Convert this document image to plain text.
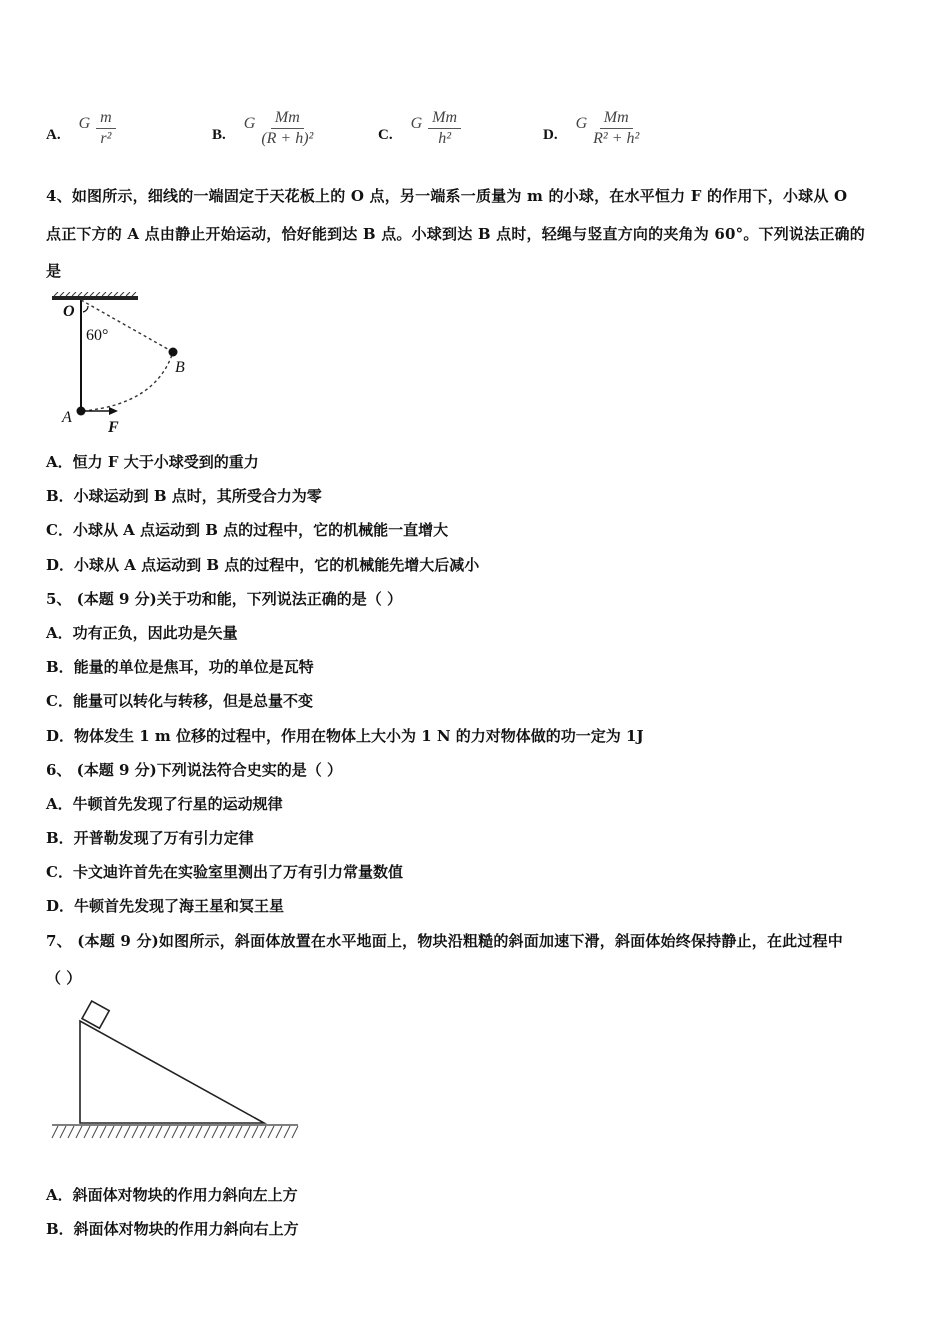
A.
G $\frac{m}{\text{r²}}$	B.
G $\frac{Mm}{\text{(R + h)²}}$	C.
G $\frac{Mm}{\text{h²}}$	D.
G $\frac{Mm}{\text{R² + h²}}$
4、如图所示，细线的一端固定于天花板上的 O 点，另一端系一质量为 m 的小球，在水平恒力 F 的作用下，小球从 O
点正下方的 A 点由静止开始运动，恰好能到达 B 点。小球到达 B 点时，轻绳与竖直方向的夹角为 60°。下列说法正确的
是
O
60°
B
A
F
A．恒力 F 大于小球受到的重力
B．小球运动到 B 点时，其所受合力为零
C．小球从 A 点运动到 B 点的过程中，它的机械能一直增大
D．小球从 A 点运动到 B 点的过程中，它的机械能先增大后减小
5、 (本题 9 分)关于功和能，下列说法正确的是（ ）
A．功有正负，因此功是矢量
B．能量的单位是焦耳，功的单位是瓦特
C．能量可以转化与转移，但是总量不变
D．物体发生 1 m 位移的过程中，作用在物体上大小为 1 N 的力对物体做的功一定为 1J
6、 (本题 9 分)下列说法符合史实的是（ ）
A．牛顿首先发现了行星的运动规律
B．开普勒发现了万有引力定律
C．卡文迪许首先在实验室里测出了万有引力常量数值
D．牛顿首先发现了海王星和冥王星
7、 (本题 9 分)如图所示，斜面体放置在水平地面上，物块沿粗糙的斜面加速下滑，斜面体始终保持静止，在此过程中
（ ）
A．斜面体对物块的作用力斜向左上方
B．斜面体对物块的作用力斜向右上方
